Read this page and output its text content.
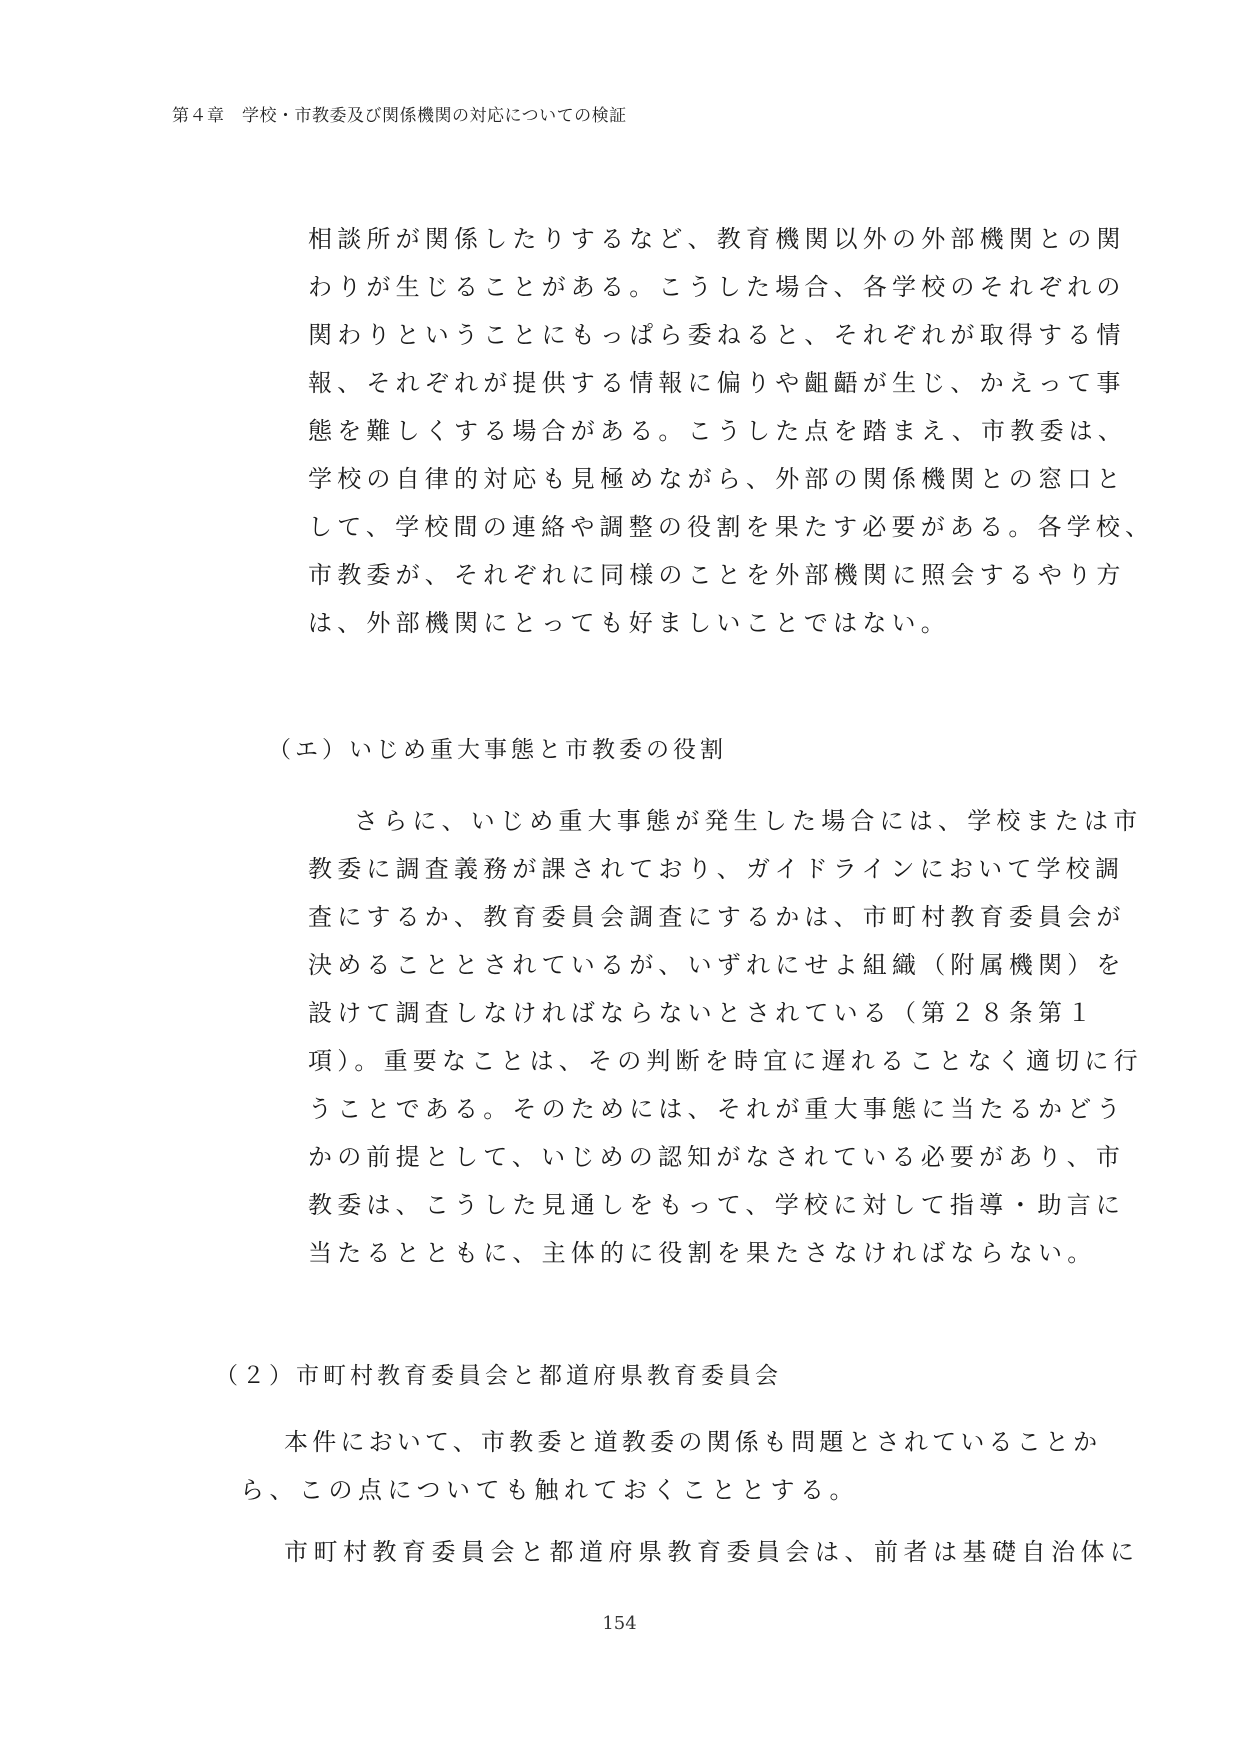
第４章　学校・市教委及び関係機関の対応についての検証
相談所が関係したりするなど、教育機関以外の外部機関との関
わりが生じることがある。こうした場合、各学校のそれぞれの
関わりということにもっぱら委ねると、それぞれが取得する情
報、それぞれが提供する情報に偏りや齟齬が生じ、かえって事
態を難しくする場合がある。こうした点を踏まえ、市教委は、
学校の自律的対応も見極めながら、外部の関係機関との窓口と
して、学校間の連絡や調整の役割を果たす必要がある。各学校、
市教委が、それぞれに同様のことを外部機関に照会するやり方
は、外部機関にとっても好ましいことではない。
（エ）いじめ重大事態と市教委の役割
さらに、いじめ重大事態が発生した場合には、学校または市
教委に調査義務が課されており、ガイドラインにおいて学校調
査にするか、教育委員会調査にするかは、市町村教育委員会が
決めることとされているが、いずれにせよ組織（附属機関）を
設けて調査しなければならないとされている（第２８条第１
項）。重要なことは、その判断を時宜に遅れることなく適切に行
うことである。そのためには、それが重大事態に当たるかどう
かの前提として、いじめの認知がなされている必要があり、市
教委は、こうした見通しをもって、学校に対して指導・助言に
当たるとともに、主体的に役割を果たさなければならない。
（２）市町村教育委員会と都道府県教育委員会
本件において、市教委と道教委の関係も問題とされていることか
ら、この点についても触れておくこととする。
市町村教育委員会と都道府県教育委員会は、前者は基礎自治体に
154
